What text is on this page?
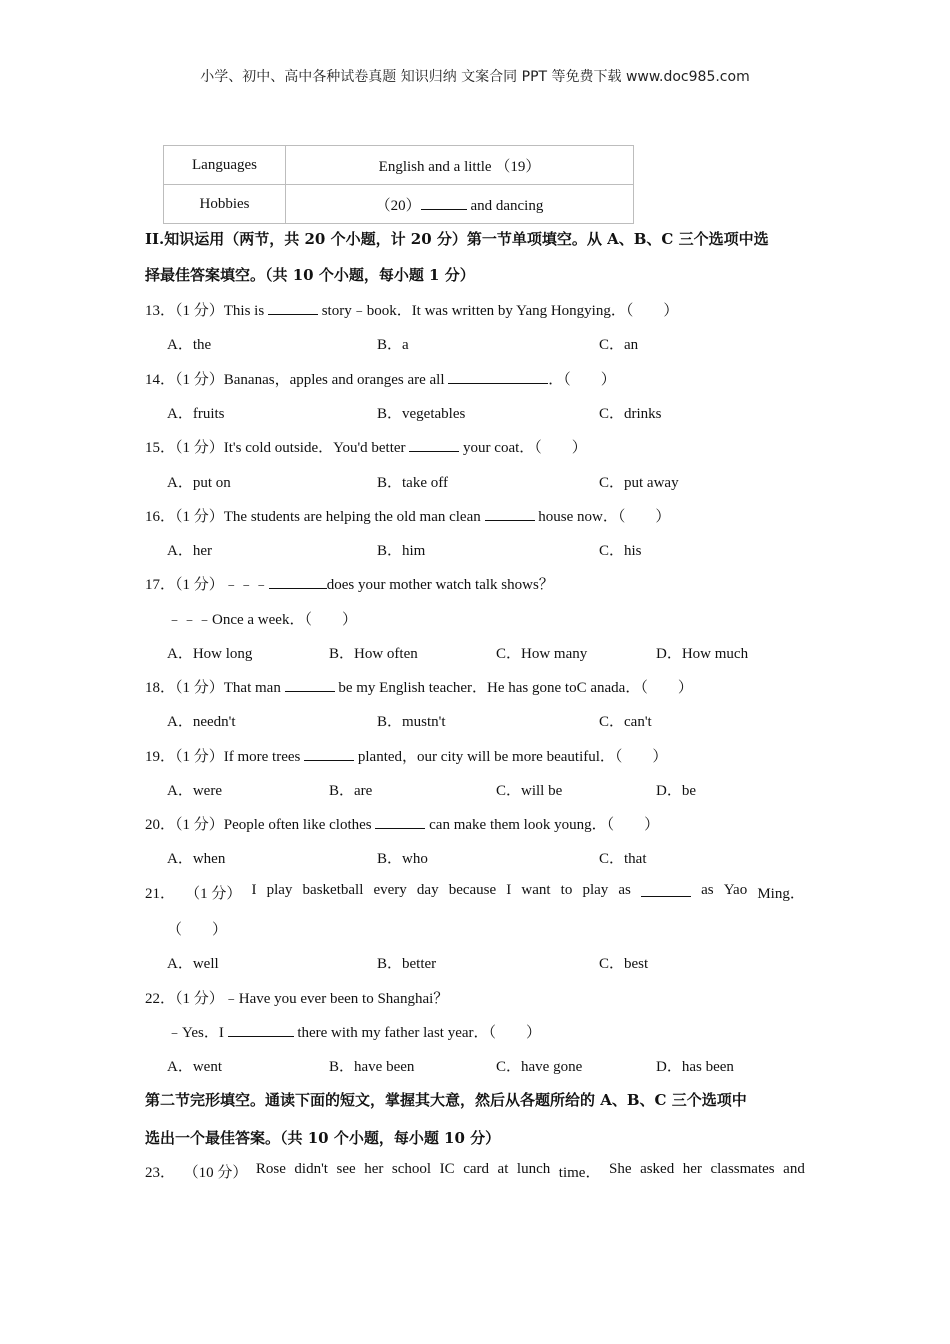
小学、初中、高中各种试卷真题 知识归纳 文案合同 PPT 等免费下载 www.doc985.com
Languages	English and a little （19）
Hobbies	（20） and dancing
II.知识运用（两节，共 20 个小题，计 20 分）第一节单项填空。从 A、B、C 三个选项中选
择最佳答案填空。（共 10 个小题，每小题 1 分）
13．（1 分）This is	story﹣book．It was written by Yang Hongying．（　　）
A．the	B．a	C．an
14．（1 分）Bananas，apples and oranges are all	．（　　）
A．fruits	B．vegetables	C．drinks
15．（1 分）It's cold outside．You'd better	your coat．（　　）
A．put on	B．take off	C．put away
16．（1 分）The students are helping the old man clean	house now．（　　）
A．her	B．him	C．his
17．（1 分）﹣﹣﹣	does your mother watch talk shows？
﹣﹣﹣Once a week．（　　）
A．How long	B．How often	C．How many	D．How much
18．（1 分）That man	be my English teacher．He has gone toC anada．（　　）
A．needn't	B．mustn't	C．can't
19．（1 分）If more trees	planted，our city will be more beautiful．（　　）
A．were	B．are	C．will be	D．be
20．（1 分）People often like clothes	can make them look young．（　　）
A．when	B．who	C．that
21． （1 分） I play basketball every day because I want to play as	as Yao Ming．
（　　）
A．well	B．better	C．best
22．（1 分）﹣Have you ever been to Shanghai？
﹣Yes．I	there with my father last year．（　　）
A．went	B．have been	C．have gone	D．has been
第二节完形填空。通读下面的短文，掌握其大意，然后从各题所给的 A、B、C 三个选项中
选出一个最佳答案。（共 10 个小题，每小题 10 分）
23． （10 分） Rose didn't see her school IC card at lunch time． She asked her classmates and
